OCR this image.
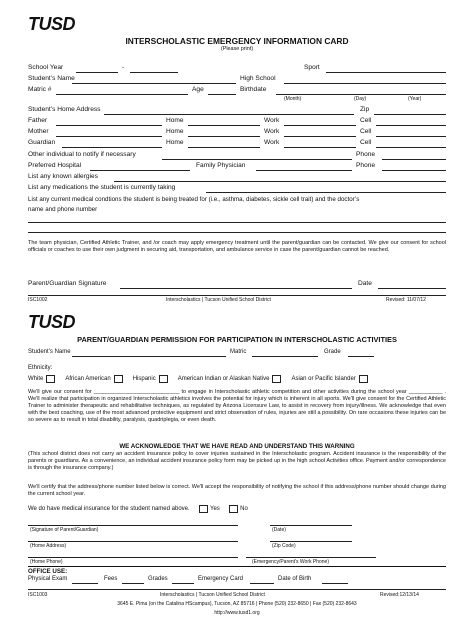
TUSD
INTERSCHOLASTIC EMERGENCY INFORMATION CARD
(Please print)
School Year	-	Sport
Student’s Name	High School
Matric #	Age	Birthdate
(Month)	(Day)	(Year)
Student’s Home Address	Zip
Father	Home	Work	Cell
Mother	Home	Work	Cell
Guardian	Home	Work	Cell
Other individual to notify if necessary	Phone
Preferred Hospital	Family Physician	Phone
List any known allergies
List any medications the student is currently taking
List any current medical condtions the student is being treated for (i.e., asthma, diabetes, sickle cell trait) and the doctor’s
name and phone number
The team physician, Certified Athletic Trainer, and /or coach may apply emergency treatment until the parent/guardian can be contacted. We give our consent for school officials or coaches to use their own judgment in securing aid, transportation, and ambulance service in case the parent/guardian cannot be reached.
Parent/Guardian Signature	Date
ISC1002	Interscholastics | Tucson Unified School District	Revised: 11/07/12
TUSD
PARENT/GUARDIAN PERMISSION FOR PARTICIPATION IN INTERSCHOLASTIC ACTIVITIES
Student’s Name	Matric	Grade
Ethnicity:
White	African American	Hispanic	American Indian or Alaskan Native	Asian or Pacific Islander
We'll give our consent for ____________________________ to engage in Interscholastic athletic competition and other activities during the school year ___________ . We'll realize that participation in organized Interscholastic athletics involves the potential for injury which is inherent in all sports. We'll give consent for the Certified Athletic Trainer to administer therapeutic and rehabilitative techniques, as regulated by Arizona Licensure Law, to assist in recovery from injury/illness. We acknowledge that even with the best coaching, use of the most advanced protective equipment and strict observation of rules, injuries are still a possibility. On rare occasions these injuries can be so severe as to result in total disability, paralysis, quadriplegia, or even death.
WE ACKNOWLEDGE THAT WE HAVE READ AND UNDERSTAND THIS WARNING
(This school district does not carry an accident insurance policy to cover injuries sustained in the Interscholastic program. Accident insurance is the responsibility of the parents or guardians. As a convenience, an individual accident insurance policy form may be picked up in the high school Activities office. Payment and/or correspondence is through the insurance company.)
We'll certify that the address/phone number listed below is correct. We'll accept the responsibility of notifying the school if this address/phone number should change during the current school year.
We do have medical insurance for the student named above.	Yes	No
(Signature of Parent/Guardian)	(Date)
(Home Address)	(Zip Code)
(Home Phone)	(Emergency/Parent's Work Phone)
OFFICE USE:
Physical Exam	Fees	Grades	Emergency Card	Date of Birth
ISC1003	Interscholastics | Tucson Unified School District	Revised:12/13/14
3645 E. Pima (on the Catalina HScampus), Tucson, AZ 85716 | Phone (520) 232-8650 | Fax (520) 232-8643
http://www.tusd1.org
